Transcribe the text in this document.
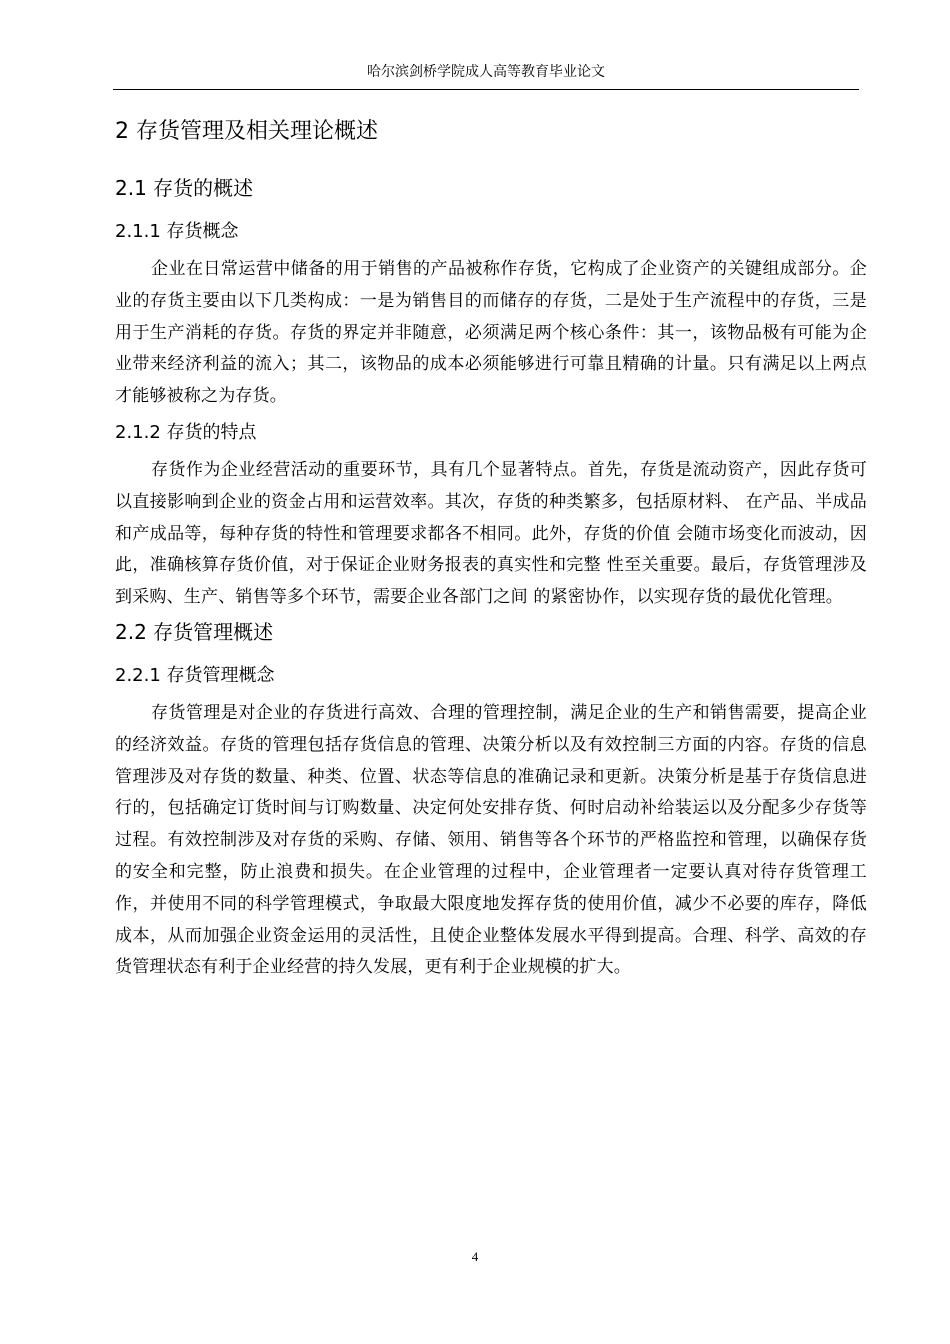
哈尔滨剑桥学院成人高等教育毕业论文
2 存货管理及相关理论概述
2.1 存货的概述
2.1.1 存货概念

企业在日常运营中储备的用于销售的产品被称作存货，它构成了企业资产的关键组成部分。企业的存货主要由以下几类构成：一是为销售目的而储存的存货，二是处于生产流程中的存货，三是用于生产消耗的存货。存货的界定并非随意，必须满足两个核心条件：其一，该物品极有可能为企业带来经济利益的流入；其二，该物品的成本必须能够进行可靠且精确的计量。只有满足以上两点才能够被称之为存货。

2.1.2 存货的特点

存货作为企业经营活动的重要环节，具有几个显著特点。首先，存货是流动资产，因此存货可以直接影响到企业的资金占用和运营效率。其次，存货的种类繁多，包括原材料、 在产品、半成品和产成品等，每种存货的特性和管理要求都各不相同。此外，存货的价值 会随市场变化而波动，因此，准确核算存货价值，对于保证企业财务报表的真实性和完整 性至关重要。最后，存货管理涉及到采购、生产、销售等多个环节，需要企业各部门之间 的紧密协作，以实现存货的最优化管理。

2.2 存货管理概述
2.2.1 存货管理概念

存货管理是对企业的存货进行高效、合理的管理控制，满足企业的生产和销售需要，提高企业的经济效益。存货的管理包括存货信息的管理、决策分析以及有效控制三方面的内容。存货的信息管理涉及对存货的数量、种类、位置、状态等信息的准确记录和更新。决策分析是基于存货信息进行的，包括确定订货时间与订购数量、决定何处安排存货、何时启动补给装运以及分配多少存货等过程。有效控制涉及对存货的采购、存储、领用、销售等各个环节的严格监控和管理，以确保存货的安全和完整，防止浪费和损失。在企业管理的过程中，企业管理者一定要认真对待存货管理工作，并使用不同的科学管理模式，争取最大限度地发挥存货的使用价值，减少不必要的库存，降低成本，从而加强企业资金运用的灵活性，且使企业整体发展水平得到提高。合理、科学、高效的存货管理状态有利于企业经营的持久发展，更有利于企业规模的扩大。

4
